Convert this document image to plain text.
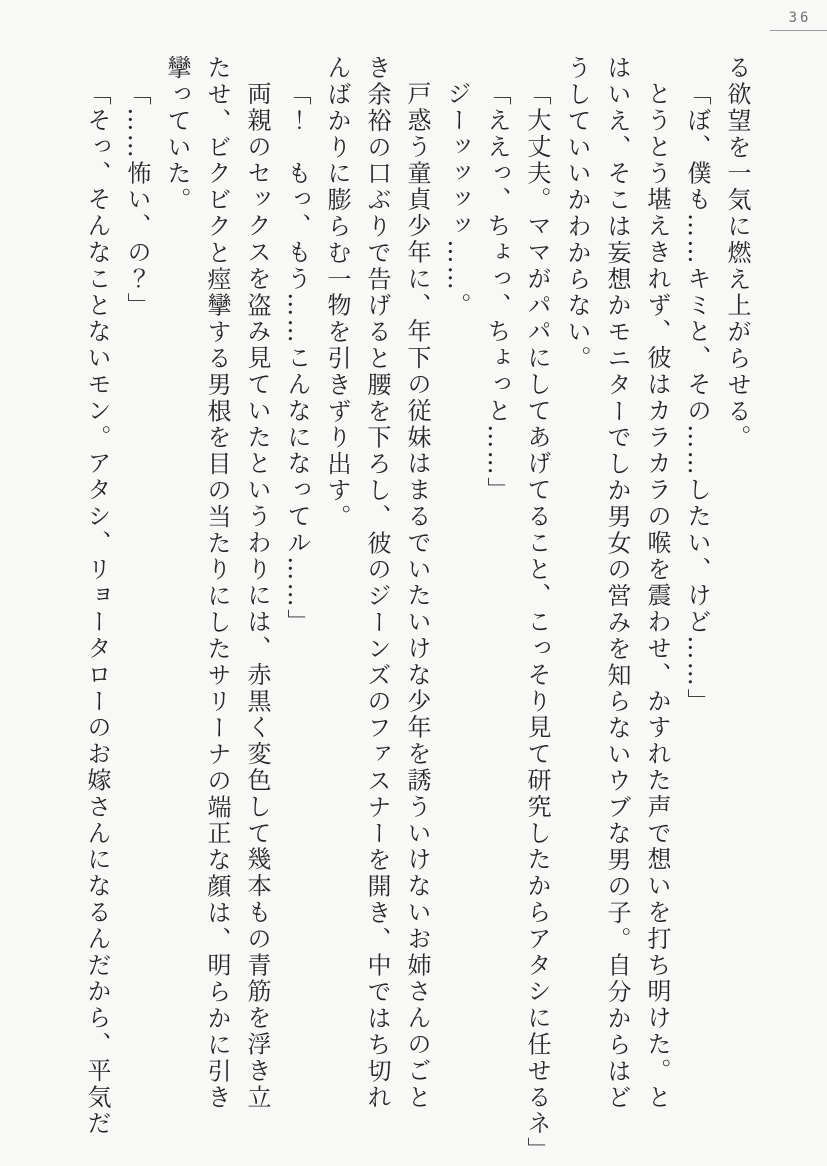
36
る欲望を一気に燃え上がらせる。
「ぼ、僕も……キミと、その……したい、けど……」
とうとう堪えきれず、彼はカラカラの喉を震わせ、かすれた声で想いを打ち明けた。と
はいえ、そこは妄想かモニターでしか男女の営みを知らないウブな男の子。自分からはど
うしていいかわからない。
「大丈夫。ママがパパにしてあげてること、こっそり見て研究したからアタシに任せるネ」
「ええっ、ちょっ、ちょっと……」
ジーッッッッ……。
戸惑う童貞少年に、年下の従妹はまるでいたいけな少年を誘ういけないお姉さんのごと
き余裕の口ぶりで告げると腰を下ろし、彼のジーンズのファスナーを開き、中ではち切れ
んばかりに膨らむ一物を引きずり出す。
「！　もっ、もう……こんなになってル……」
両親のセックスを盗み見ていたというわりには、赤黒く変色して幾本もの青筋を浮き立
たせ、ビクビクと痙攣する男根を目の当たりにしたサリーナの端正な顔は、明らかに引き
攣っていた。
「……怖い、の？」
「そっ、そんなことないモン。アタシ、リョータローのお嫁さんになるんだから、平気だ
